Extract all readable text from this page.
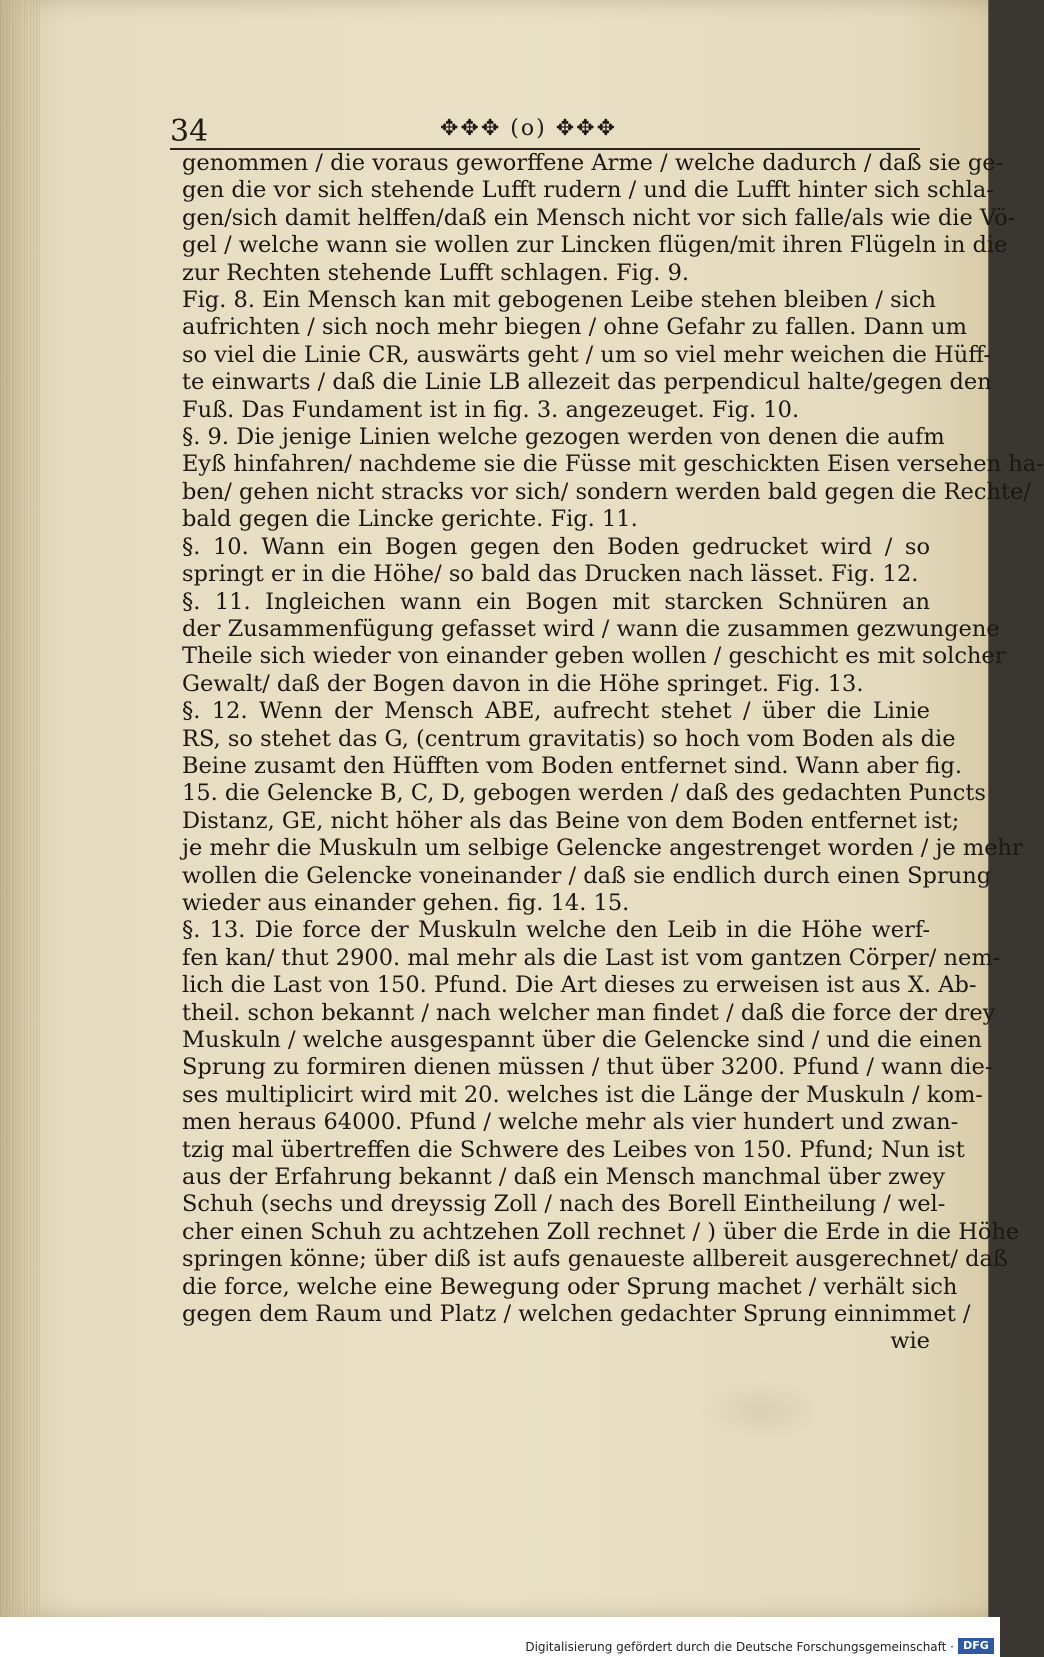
34	✥✥✥ (o) ✥✥✥
genommen / die voraus geworffene Arme / welche dadurch / daß sie ge-
gen die vor sich stehende Lufft rudern / und die Lufft hinter sich schla-
gen/sich damit helffen/daß ein Mensch nicht vor sich falle/als wie die Vö-
gel / welche wann sie wollen zur Lincken flügen/mit ihren Flügeln in die
zur Rechten stehende Lufft schlagen. Fig. 9.
Fig. 8. Ein Mensch kan mit gebogenen Leibe stehen bleiben / sich
aufrichten / sich noch mehr biegen / ohne Gefahr zu fallen. Dann um
so viel die Linie CR, auswärts geht / um so viel mehr weichen die Hüff-
te einwarts / daß die Linie LB allezeit das perpendicul halte/gegen den
Fuß. Das Fundament ist in fig. 3. angezeuget. Fig. 10.
§. 9. Die jenige Linien welche gezogen werden von denen die aufm
Eyß hinfahren/ nachdeme sie die Füsse mit geschickten Eisen versehen ha-
ben/ gehen nicht stracks vor sich/ sondern werden bald gegen die Rechte/
bald gegen die Lincke gerichte. Fig. 11.
§. 10. Wann ein Bogen gegen den Boden gedrucket wird / so
springt er in die Höhe/ so bald das Drucken nach lässet. Fig. 12.
§. 11. Ingleichen wann ein Bogen mit starcken Schnüren an
der Zusammenfügung gefasset wird / wann die zusammen gezwungene
Theile sich wieder von einander geben wollen / geschicht es mit solcher
Gewalt/ daß der Bogen davon in die Höhe springet. Fig. 13.
§. 12. Wenn der Mensch ABE, aufrecht stehet / über die Linie
RS, so stehet das G, (centrum gravitatis) so hoch vom Boden als die
Beine zusamt den Hüfften vom Boden entfernet sind. Wann aber fig.
15. die Gelencke B, C, D, gebogen werden / daß des gedachten Puncts
Distanz, GE, nicht höher als das Beine von dem Boden entfernet ist;
je mehr die Muskuln um selbige Gelencke angestrenget worden / je mehr
wollen die Gelencke voneinander / daß sie endlich durch einen Sprung
wieder aus einander gehen. fig. 14. 15.
§. 13. Die force der Muskuln welche den Leib in die Höhe werf-
fen kan/ thut 2900. mal mehr als die Last ist vom gantzen Cörper/ nem-
lich die Last von 150. Pfund. Die Art dieses zu erweisen ist aus X. Ab-
theil. schon bekannt / nach welcher man findet / daß die force der drey
Muskuln / welche ausgespannt über die Gelencke sind / und die einen
Sprung zu formiren dienen müssen / thut über 3200. Pfund / wann die-
ses multiplicirt wird mit 20. welches ist die Länge der Muskuln / kom-
men heraus 64000. Pfund / welche mehr als vier hundert und zwan-
tzig mal übertreffen die Schwere des Leibes von 150. Pfund; Nun ist
aus der Erfahrung bekannt / daß ein Mensch manchmal über zwey
Schuh (sechs und dreyssig Zoll / nach des Borell Eintheilung / wel-
cher einen Schuh zu achtzehen Zoll rechnet / ) über die Erde in die Höhe
springen könne; über diß ist aufs genaueste allbereit ausgerechnet/ daß
die force, welche eine Bewegung oder Sprung machet / verhält sich
gegen dem Raum und Platz / welchen gedachter Sprung einnimmet /
wie
Digitalisierung gefördert durch die Deutsche Forschungsgemeinschaft · DFG
